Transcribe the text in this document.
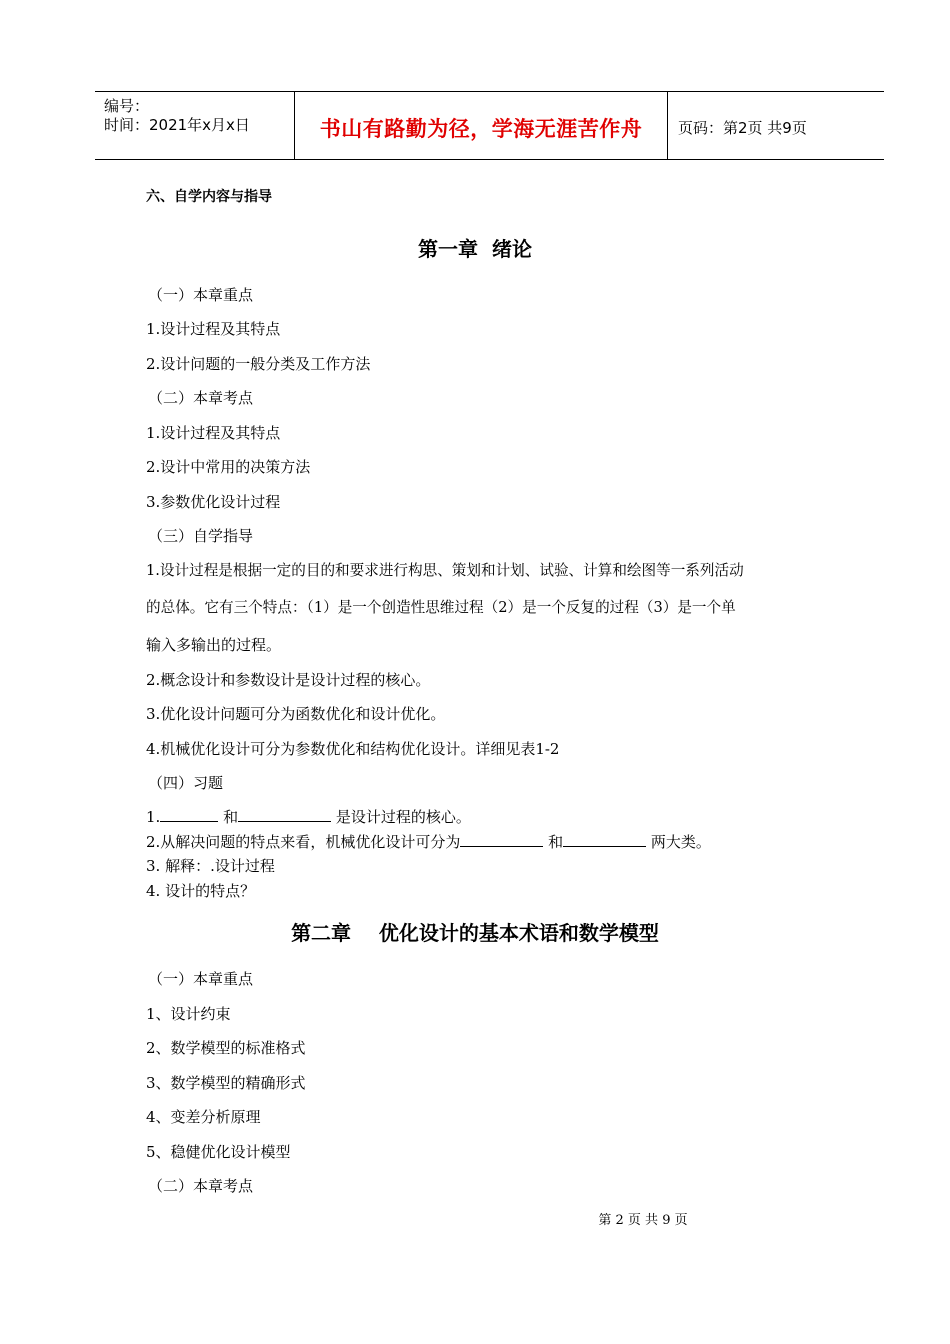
编号：
时间：2021年x月x日	书山有路勤为径，学海无涯苦作舟	页码：第2页 共9页
六、自学内容与指导
第一章  绪论
（一）本章重点
1.设计过程及其特点
2.设计问题的一般分类及工作方法
（二）本章考点
1.设计过程及其特点
2.设计中常用的决策方法
3.参数优化设计过程
（三）自学指导
1.设计过程是根据一定的目的和要求进行构思、策划和计划、试验、计算和绘图等一系列活动
的总体。它有三个特点：（1）是一个创造性思维过程（2）是一个反复的过程（3）是一个单
输入多输出的过程。
2.概念设计和参数设计是设计过程的核心。
3.优化设计问题可分为函数优化和设计优化。
4.机械优化设计可分为参数优化和结构优化设计。详细见表1-2
（四）习题
1.	和	是设计过程的核心。
2.从解决问题的特点来看，机械优化设计可分为	和	两大类。
3. 解释：.设计过程
4. 设计的特点？
第二章    优化设计的基本术语和数学模型
（一）本章重点
1、设计约束
2、数学模型的标准格式
3、数学模型的精确形式
4、变差分析原理
5、稳健优化设计模型
（二）本章考点
第 2 页 共 9 页
